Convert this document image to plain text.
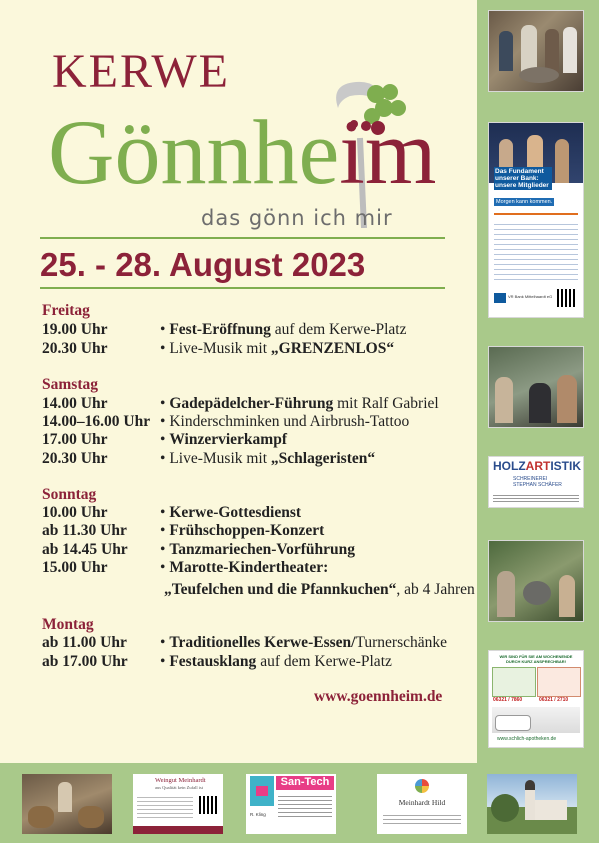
KERWE
Gönnheim
das gönn ich mir
25. - 28. August 2023
Freitag
19.00 Uhr	• Fest-Eröffnung auf dem Kerwe-Platz
20.30 Uhr	• Live-Musik mit „GRENZENLOS“
Samstag
14.00 Uhr	• Gadepädelcher-Führung mit Ralf Gabriel
14.00–16.00 Uhr • Kinderschminken und Airbrush-Tattoo
17.00 Uhr	• Winzervierkampf
20.30 Uhr	• Live-Musik mit „Schlageristen“
Sonntag
10.00 Uhr	• Kerwe-Gottesdienst
ab 11.30 Uhr • Frühschoppen-Konzert
ab 14.45 Uhr • Tanzmariechen-Vorführung
15.00 Uhr	• Marotte-Kindertheater:
„Teufelchen und die Pfannkuchen“, ab 4 Jahren
Montag
ab 11.00 Uhr • Traditionelles Kerwe-Essen/Turnerschänke
ab 17.00 Uhr • Festausklang auf dem Kerwe-Platz
www.goennheim.de
Das Fundament unserer Bank: unsere Mitglieder
Morgen kann kommen.
VR Bank Mittelhaardt eG
HOLZARTISTIK
SCHREINEREI
STEPHAN SCHÄFER
WIR SIND FÜR SIE AM WOCHENENDE DURCH KURZ ANSPRECHBAR!
06321 / 7860	06321 / 2710
www.schlich-apotheken.de
Weingut Meinhardt
aus Qualität kein Zufall ist	San-Tech
R. Kling
Meinhardt Hild
